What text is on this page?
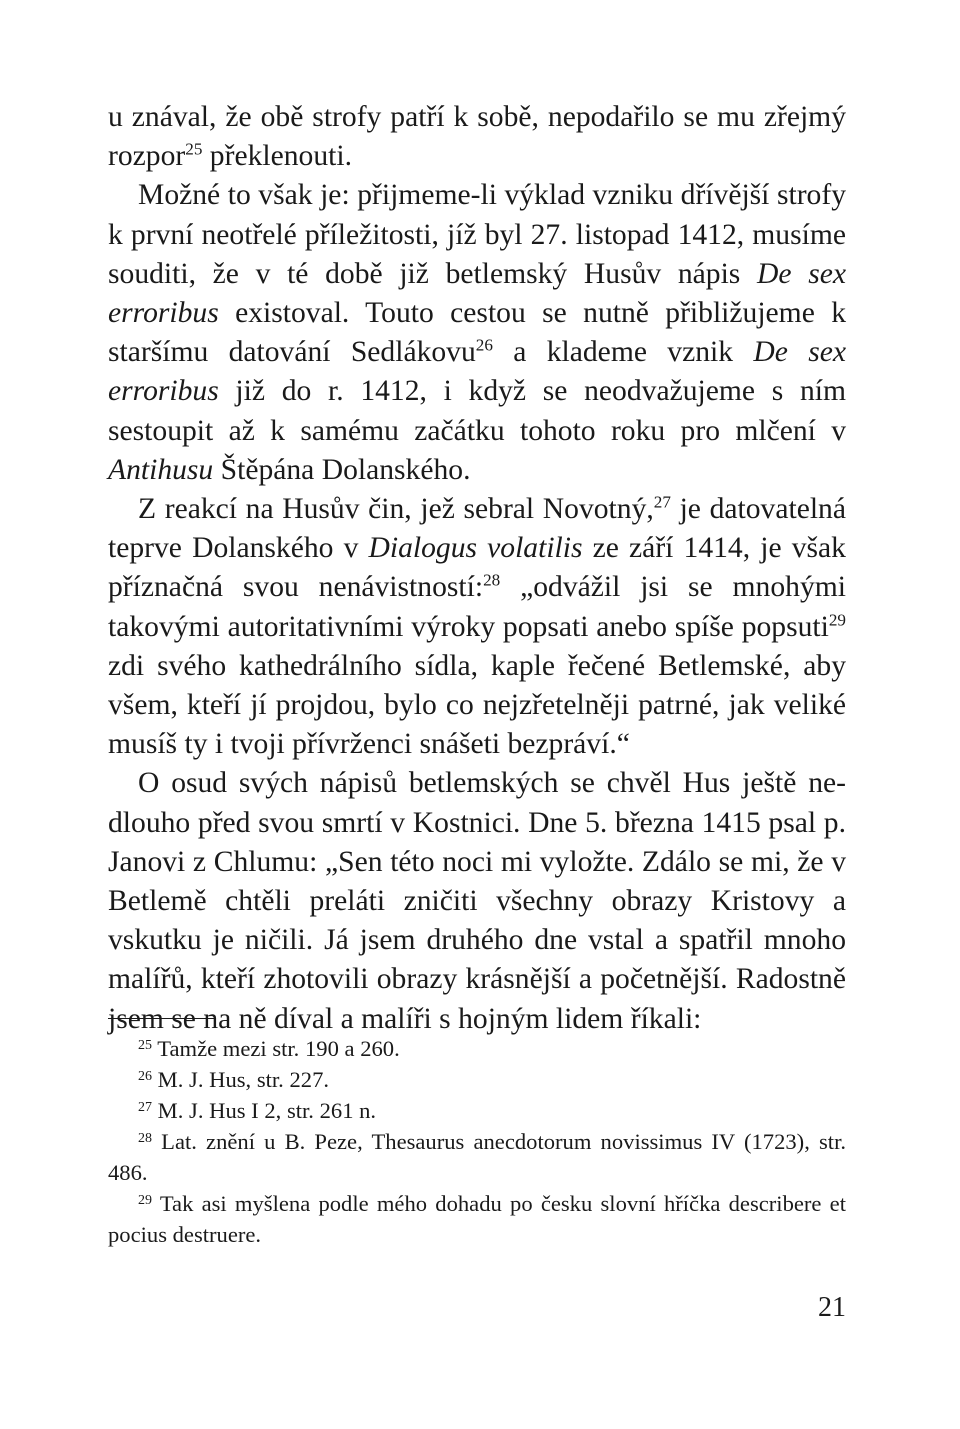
u znával, že obě strofy patří k sobě, nepodařilo se mu zřejmý rozpor$^{25}$ překlenouti.

Možné to však je: přijmeme-li výklad vzniku dřívější strofy k první neotřelé příležitosti, jíž byl 27. listopad 1412, musíme souditi, že v té době již betlemský Husův nápis De sex erroribus existoval. Touto cestou se nutně přibližujeme k staršímu datování Sedlákovu$^{26}$ a klademe vznik De sex erroribus již do r. 1412, i když se neodvažujeme s ním sestoupit až k samému začátku tohoto roku pro mlčení v Antihusu Štěpána Dolanského.

Z reakcí na Husův čin, jež sebral Novotný,$^{27}$ je datovatelná teprve Dolanského v Dialogus volatilis ze září 1414, je však příznačná svou nenávistností:$^{28}$ „odvážil jsi se mnohými takovými autoritativními výroky popsati anebo spíše popsuti$^{29}$ zdi svého kathedrálního sídla, kaple řečené Betlemské, aby všem, kteří jí projdou, bylo co nejzřetelněji patrné, jak veliké musíš ty i tvoji přívrženci snášeti bezpráví.“

O osud svých nápisů betlemských se chvěl Hus ještě nedlouho před svou smrtí v Kostnici. Dne 5. března 1415 psal p. Janovi z Chlumu: „Sen této noci mi vyložte. Zdálo se mi, že v Betlemě chtěli preláti zničiti všechny obrazy Kristovy a vskutku je ničili. Já jsem druhého dne vstal a spatřil mnoho malířů, kteří zhotovili obrazy krásnější a početnější. Radostně jsem se na ně díval a malíři s hojným lidem říkali:

$^{25}$ Tamže mezi str. 190 a 260.

$^{26}$ M. J. Hus, str. 227.

$^{27}$ M. J. Hus I 2, str. 261 n.

$^{28}$ Lat. znění u B. Peze, Thesaurus anecdotorum novissimus IV (1723), str. 486.

$^{29}$ Tak asi myšlena podle mého dohadu po česku slovní hříčka describere et pocius destruere.

21
